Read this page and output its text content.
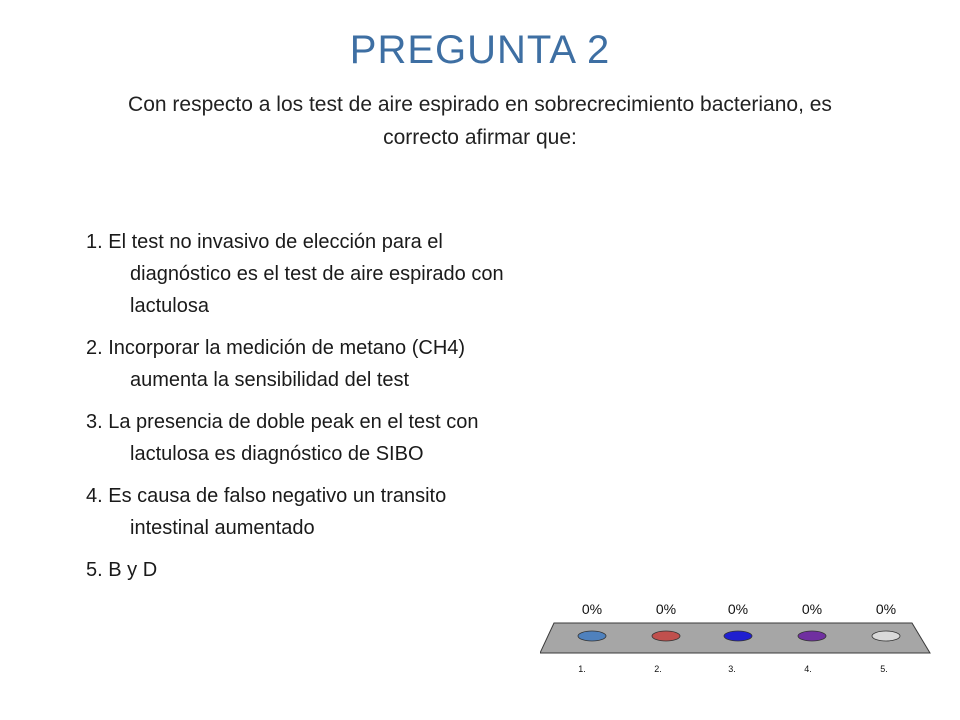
PREGUNTA 2
Con respecto a los test de aire espirado en sobrecrecimiento bacteriano, es correcto afirmar que:
1. El test no invasivo de elección para el diagnóstico es el test de aire espirado con lactulosa
2. Incorporar la medición de metano (CH4) aumenta la sensibilidad del test
3. La presencia de doble peak en el test con lactulosa es diagnóstico de SIBO
4. Es causa de falso negativo un transito intestinal aumentado
5. B y D
0%
1.
0%
2.
0%
3.
0%
4.
0%
5.
